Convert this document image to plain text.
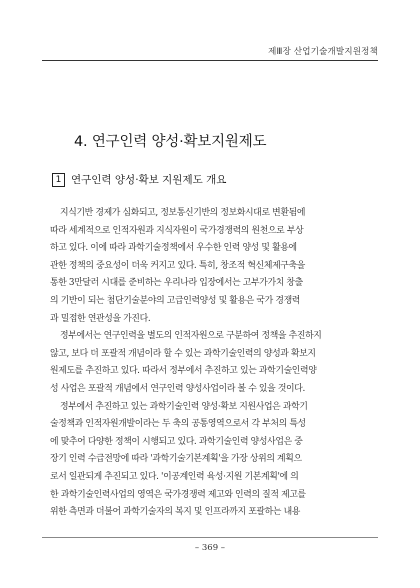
제Ⅲ장 산업기술개발지원정책
4. 연구인력 양성·확보지원제도
1 연구인력 양성·확보 지원제도 개요
지식기반 경제가 심화되고, 정보통신기반의 정보화시대로 변환됨에
따라 세계적으로 인적자원과 지식자원이 국가경쟁력의 원천으로 부상
하고 있다. 이에 따라 과학기술정책에서 우수한 인력 양성 및 활용에
관한 정책의 중요성이 더욱 커지고 있다. 특히, 창조적 혁신체제구축을
통한 3만달러 시대를 준비하는 우리나라 입장에서는 고부가가치 창출
의 기반이 되는 첨단기술분야의 고급인력양성 및 활용은 국가 경쟁력
과 밀접한 연관성을 가진다.
정부에서는 연구인력을 별도의 인적자원으로 구분하여 정책을 추진하지
않고, 보다 더 포괄적 개념이라 할 수 있는 과학기술인력의 양성과 확보지
원제도를 추진하고 있다. 따라서 정부에서 추진하고 있는 과학기술인력양
성 사업은 포괄적 개념에서 연구인력 양성사업이라 볼 수 있을 것이다.
정부에서 추진하고 있는 과학기술인력 양성·확보 지원사업은 과학기
술정책과 인적자원개발이라는 두 축의 공통영역으로서 각 부처의 특성
에 맞추어 다양한 정책이 시행되고 있다. 과학기술인력 양성사업은 중
장기 인력 수급전망에 따라 '과학기술기본계획'을 가장 상위의 계획으
로서 일관되게 추진되고 있다. '이공계인력 육성·지원 기본계획'에 의
한 과학기술인력사업의 영역은 국가경쟁력 제고와 인력의 질적 제고를
위한 측면과 더불어 과학기술자의 복지 및 인프라까지 포괄하는 내용
– 369 –
